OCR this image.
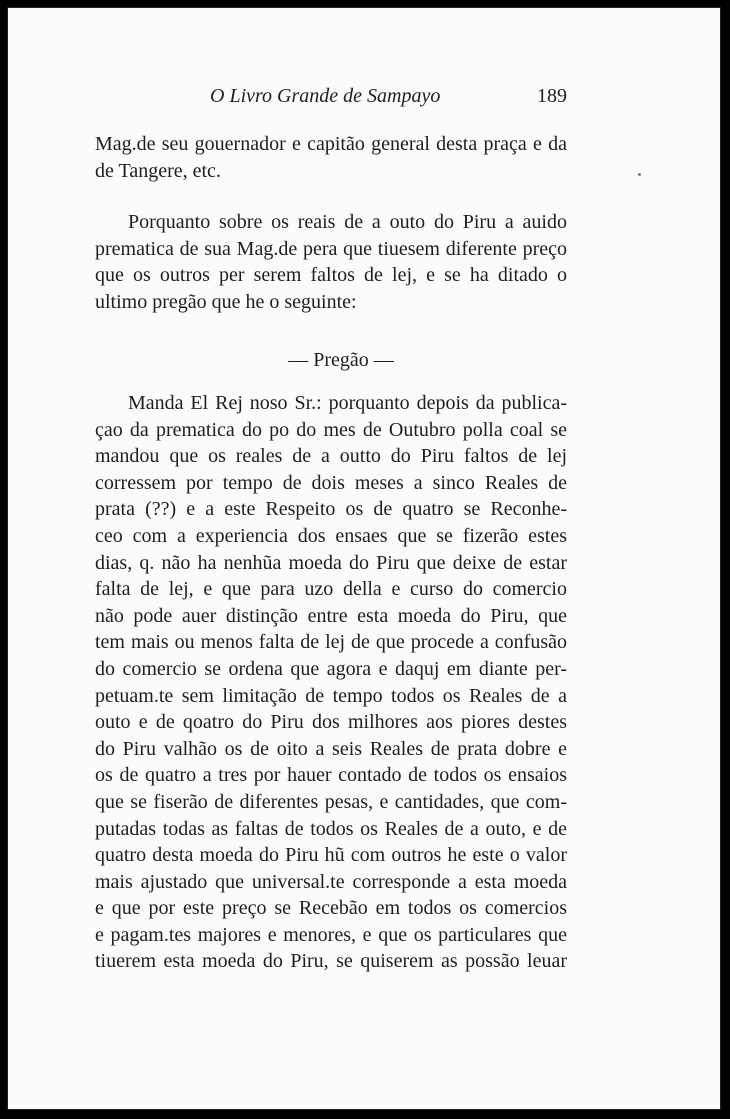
O Livro Grande de Sampayo	189
Mag.de seu gouernador e capitão general desta praça e da
de Tangere, etc.
Porquanto sobre os reais de a outo do Piru a auido
prematica de sua Mag.de pera que tiuesem diferente preço
que os outros per serem faltos de lej, e se ha ditado o
ultimo pregão que he o seguinte:
— Pregão —
Manda El Rej noso Sr.: porquanto depois da publica-
çao da prematica do po do mes de Outubro polla coal se
mandou que os reales de a outto do Piru faltos de lej
corressem por tempo de dois meses a sinco Reales de
prata (??) e a este Respeito os de quatro se Reconhe-
ceo com a experiencia dos ensaes que se fizerão estes
dias, q. não ha nenhũa moeda do Piru que deixe de estar
falta de lej, e que para uzo della e curso do comercio
não pode auer distinção entre esta moeda do Piru, que
tem mais ou menos falta de lej de que procede a confusão
do comercio se ordena que agora e daquj em diante per-
petuam.te sem limitação de tempo todos os Reales de a
outo e de qoatro do Piru dos milhores aos piores destes
do Piru valhão os de oito a seis Reales de prata dobre e
os de quatro a tres por hauer contado de todos os ensaios
que se fiserão de diferentes pesas, e cantidades, que com-
putadas todas as faltas de todos os Reales de a outo, e de
quatro desta moeda do Piru hũ com outros he este o valor
mais ajustado que universal.te corresponde a esta moeda
e que por este preço se Recebão em todos os comercios
e pagam.tes majores e menores, e que os particulares que
tiuerem esta moeda do Piru, se quiserem as possão leuar
